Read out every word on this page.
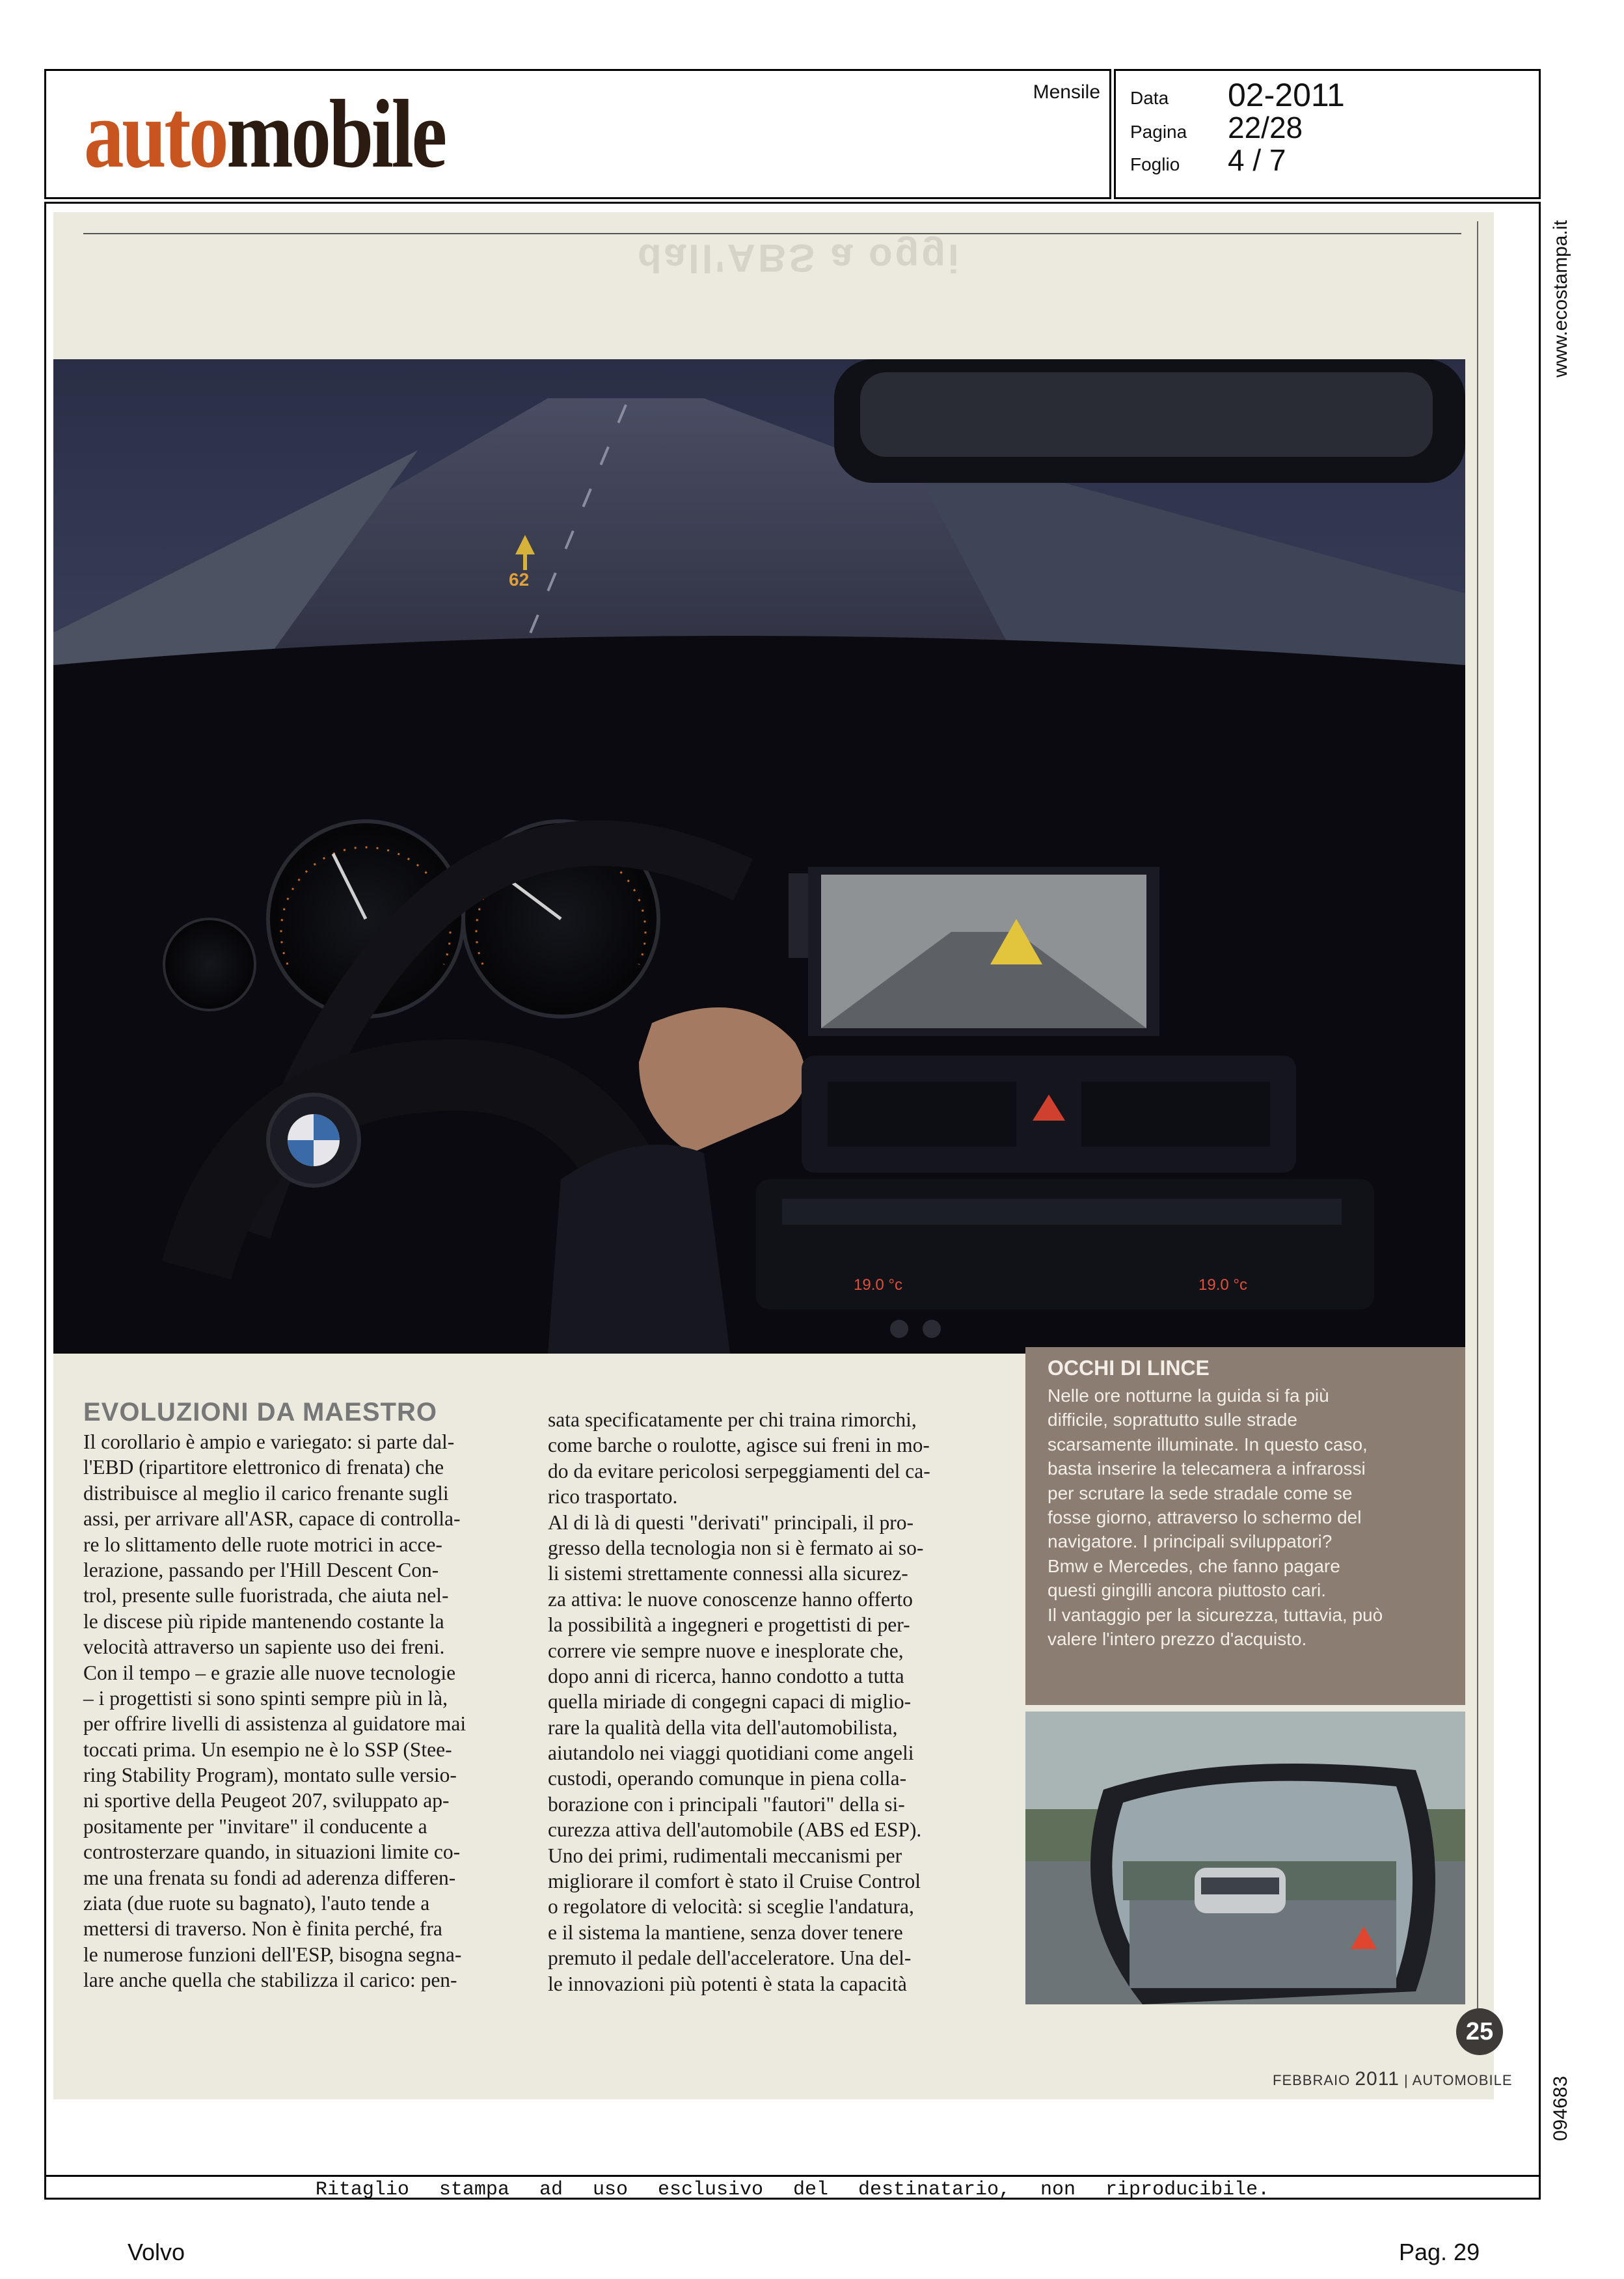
automobile	Mensile Data 02-2011
Pagina 22/28
Foglio 4 / 7
www.ecostampa.it
094683
dall'ABS a oggi
62
19.0 °c	19.0 °c
EVOLUZIONI DA MAESTRO
Il corollario è ampio e variegato: si parte dal-
l'EBD (ripartitore elettronico di frenata) che
distribuisce al meglio il carico frenante sugli
assi, per arrivare all'ASR, capace di controlla-
re lo slittamento delle ruote motrici in acce-
lerazione, passando per l'Hill Descent Con-
trol, presente sulle fuoristrada, che aiuta nel-
le discese più ripide mantenendo costante la
velocità attraverso un sapiente uso dei freni.
Con il tempo – e grazie alle nuove tecnologie
– i progettisti si sono spinti sempre più in là,
per offrire livelli di assistenza al guidatore mai
toccati prima. Un esempio ne è lo SSP (Stee-
ring Stability Program), montato sulle versio-
ni sportive della Peugeot 207, sviluppato ap-
positamente per "invitare" il conducente a
controsterzare quando, in situazioni limite co-
me una frenata su fondi ad aderenza differen-
ziata (due ruote su bagnato), l'auto tende a
mettersi di traverso. Non è finita perché, fra
le numerose funzioni dell'ESP, bisogna segna-
lare anche quella che stabilizza il carico: pen-
sata specificatamente per chi traina rimorchi,
come barche o roulotte, agisce sui freni in mo-
do da evitare pericolosi serpeggiamenti del ca-
rico trasportato.
Al di là di questi "derivati" principali, il pro-
gresso della tecnologia non si è fermato ai so-
li sistemi strettamente connessi alla sicurez-
za attiva: le nuove conoscenze hanno offerto
la possibilità a ingegneri e progettisti di per-
correre vie sempre nuove e inesplorate che,
dopo anni di ricerca, hanno condotto a tutta
quella miriade di congegni capaci di miglio-
rare la qualità della vita dell'automobilista,
aiutandolo nei viaggi quotidiani come angeli
custodi, operando comunque in piena colla-
borazione con i principali "fautori" della si-
curezza attiva dell'automobile (ABS ed ESP).
Uno dei primi, rudimentali meccanismi per
migliorare il comfort è stato il Cruise Control
o regolatore di velocità: si sceglie l'andatura,
e il sistema la mantiene, senza dover tenere
premuto il pedale dell'acceleratore. Una del-
le innovazioni più potenti è stata la capacità
OCCHI DI LINCE
Nelle ore notturne la guida si fa più
difficile, soprattutto sulle strade
scarsamente illuminate. In questo caso,
basta inserire la telecamera a infrarossi
per scrutare la sede stradale come se
fosse giorno, attraverso lo schermo del
navigatore. I principali sviluppatori?
Bmw e Mercedes, che fanno pagare
questi gingilli ancora piuttosto cari.
Il vantaggio per la sicurezza, tuttavia, può
valere l'intero prezzo d'acquisto.
25
FEBBRAIO 2011 | AUTOMOBILE
Ritaglio stampa ad uso esclusivo del destinatario, non riproducibile.
Volvo	Pag. 29
